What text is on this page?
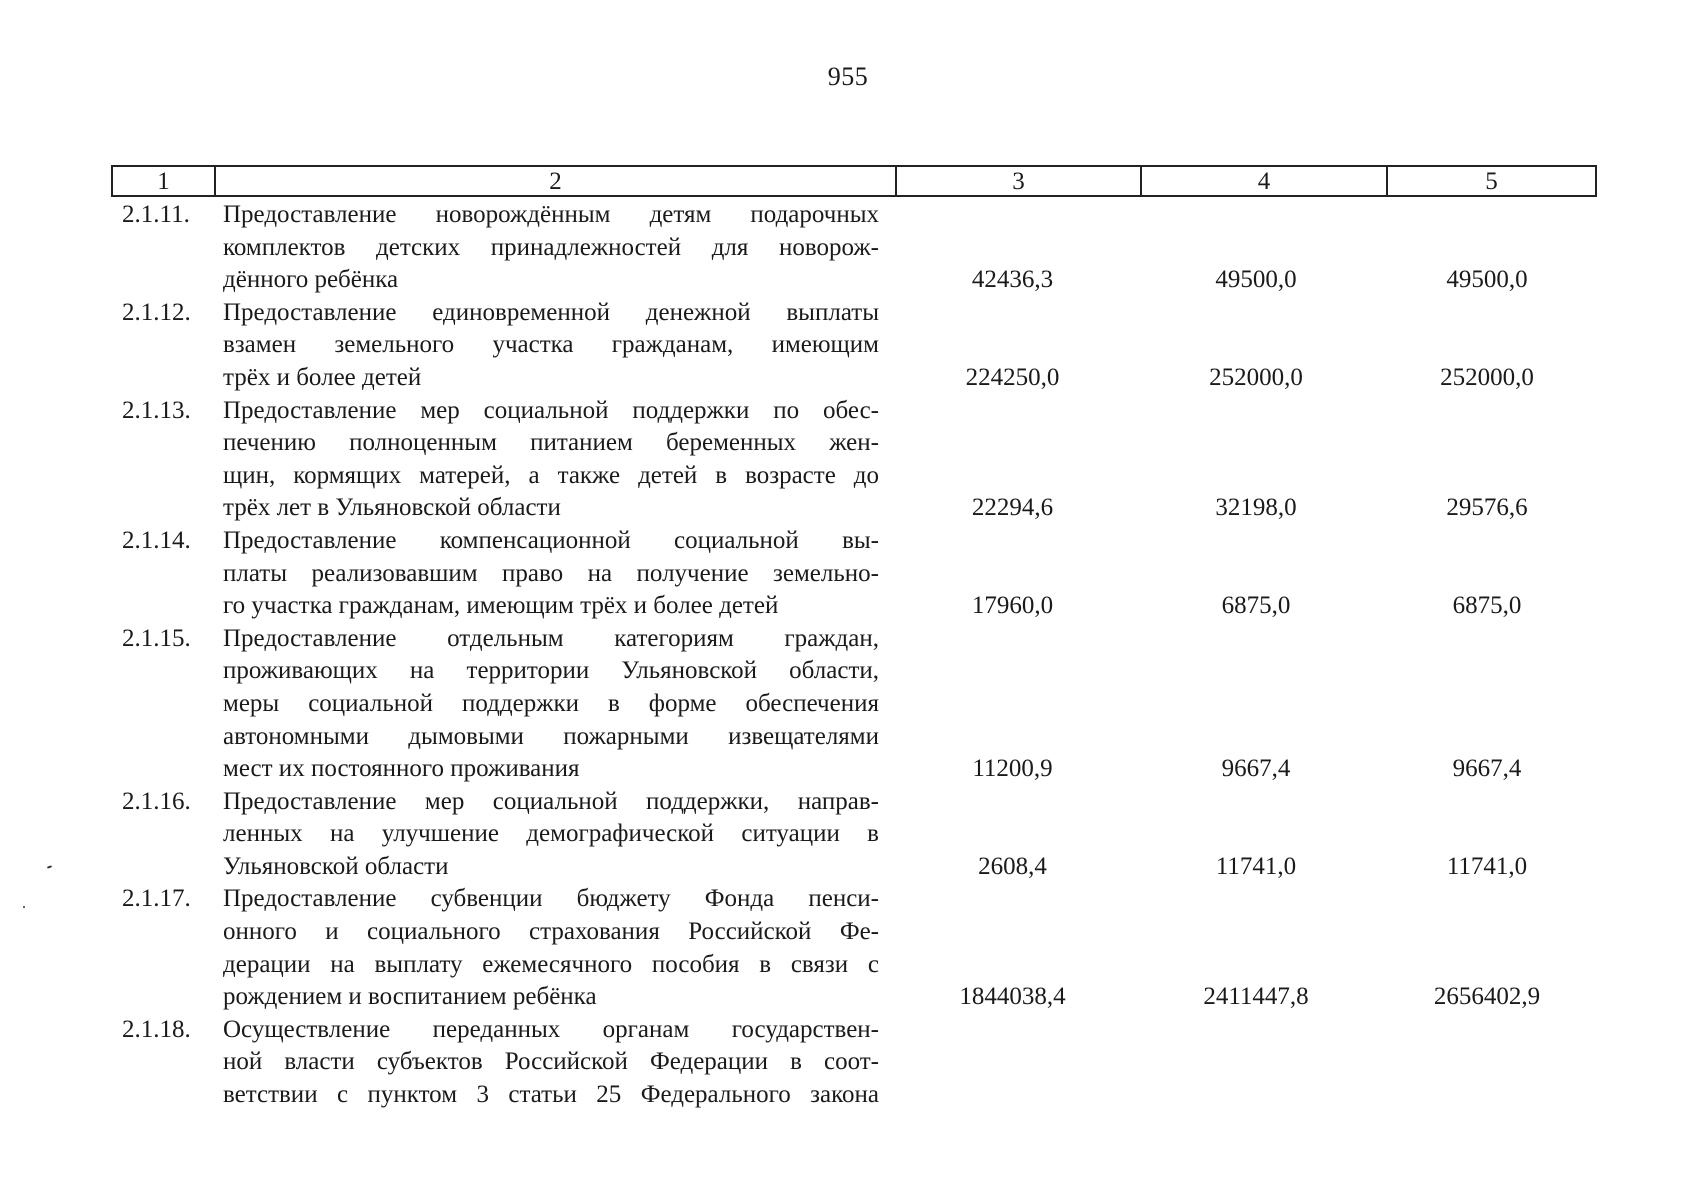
955
1	2	3	4	5
2.1.11. Предоставление новорождённым детям подарочных
комплектов детских принадлежностей для новорож-
дённого ребёнка	42436,3	49500,0	49500,0
2.1.12. Предоставление единовременной денежной выплаты
взамен земельного участка гражданам, имеющим
трёх и более детей	224250,0	252000,0	252000,0
2.1.13. Предоставление мер социальной поддержки по обес-
печению полноценным питанием беременных жен-
щин, кормящих матерей, а также детей в возрасте до
трёх лет в Ульяновской области	22294,6	32198,0	29576,6
2.1.14. Предоставление компенсационной социальной вы-
платы реализовавшим право на получение земельно-
го участка гражданам, имеющим трёх и более детей	17960,0	6875,0	6875,0
2.1.15. Предоставление отдельным категориям граждан,
проживающих на территории Ульяновской области,
меры социальной поддержки в форме обеспечения
автономными дымовыми пожарными извещателями
мест их постоянного проживания	11200,9	9667,4	9667,4
2.1.16. Предоставление мер социальной поддержки, направ-
ленных на улучшение демографической ситуации в
Ульяновской области	2608,4	11741,0	11741,0
2.1.17. Предоставление субвенции бюджету Фонда пенси-
онного и социального страхования Российской Фе-
дерации на выплату ежемесячного пособия в связи с
рождением и воспитанием ребёнка	1844038,4	2411447,8	2656402,9
2.1.18. Осуществление переданных органам государствен-
ной власти субъектов Российской Федерации в соот-
ветствии с пунктом 3 статьи 25 Федерального закона
